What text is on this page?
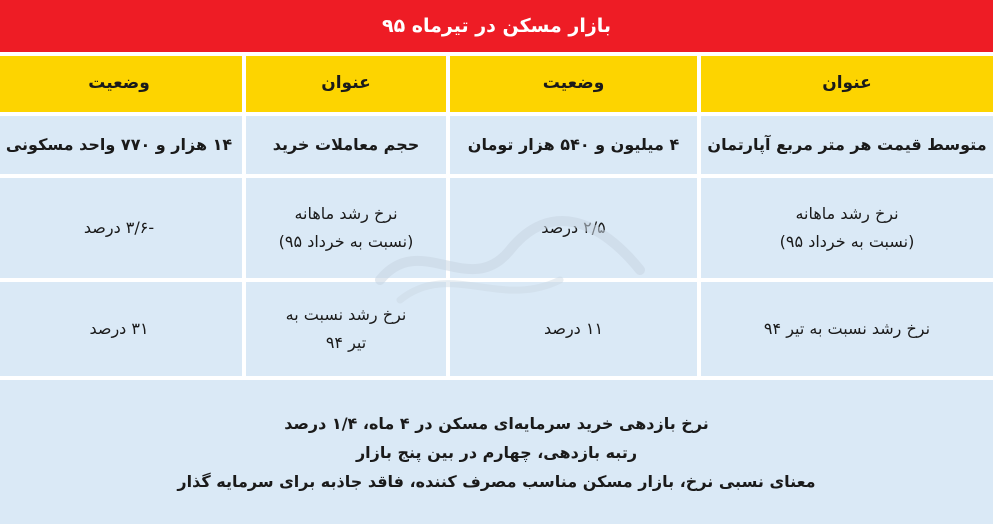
بازار مسکن در تیرماه ۹۵
عنوان
وضعیت
عنوان
وضعیت
متوسط قیمت هر متر مربع آپارتمان
۴ میلیون و ۵۴۰ هزار تومان
حجم معاملات خرید
۱۴ هزار و ۷۷۰ واحد مسکونی
نرخ رشد ماهانه
(نسبت به خرداد ۹۵)
۲/۵ درصد
نرخ رشد ماهانه
(نسبت به خرداد ۹۵)
-۳/۶ درصد
نرخ رشد نسبت به تیر ۹۴
۱۱ درصد
نرخ رشد نسبت به
تیر ۹۴
۳۱ درصد
نرخ بازدهی خرید سرمایه‌ای مسکن در ۴ ماه، ۱/۴ درصد
رتبه بازدهی، چهارم در بین پنج بازار
معنای نسبی نرخ، بازار مسکن مناسب مصرف کننده، فاقد جاذبه برای سرمایه گذار
